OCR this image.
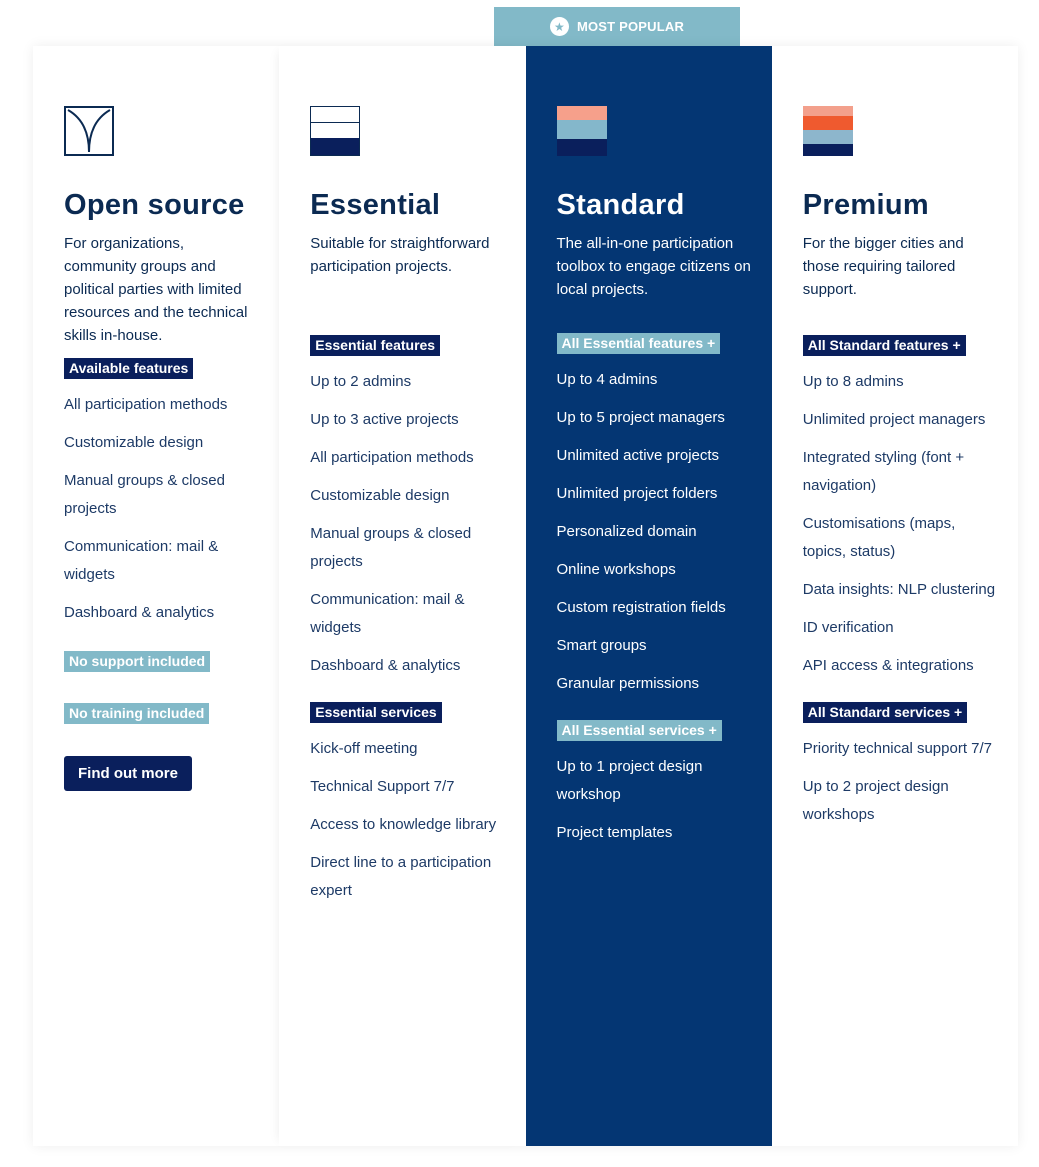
★ MOST POPULAR
Open source

For organizations, community groups and political parties with limited resources and the technical skills in-house.

Available features
All participation methods
Customizable design
Manual groups & closed projects
Communication: mail & widgets
Dashboard & analytics
No support included
No training included
Find out more
Essential

Suitable for straightforward participation projects.

Essential features
Up to 2 admins
Up to 3 active projects
All participation methods
Customizable design
Manual groups & closed projects
Communication: mail & widgets
Dashboard & analytics
Essential services
Kick-off meeting
Technical Support 7/7
Access to knowledge library
Direct line to a participation expert
Standard

The all-in-one participation toolbox to engage citizens on local projects.

All Essential features +
Up to 4 admins
Up to 5 project managers
Unlimited active projects
Unlimited project folders
Personalized domain
Online workshops
Custom registration fields
Smart groups
Granular permissions
All Essential services +
Up to 1 project design workshop
Project templates
Premium

For the bigger cities and those requiring tailored support.

All Standard features +
Up to 8 admins
Unlimited project managers
Integrated styling (font + navigation)
Customisations (maps, topics, status)
Data insights: NLP clustering
ID verification
API access & integrations
All Standard services +
Priority technical support 7/7
Up to 2 project design workshops
